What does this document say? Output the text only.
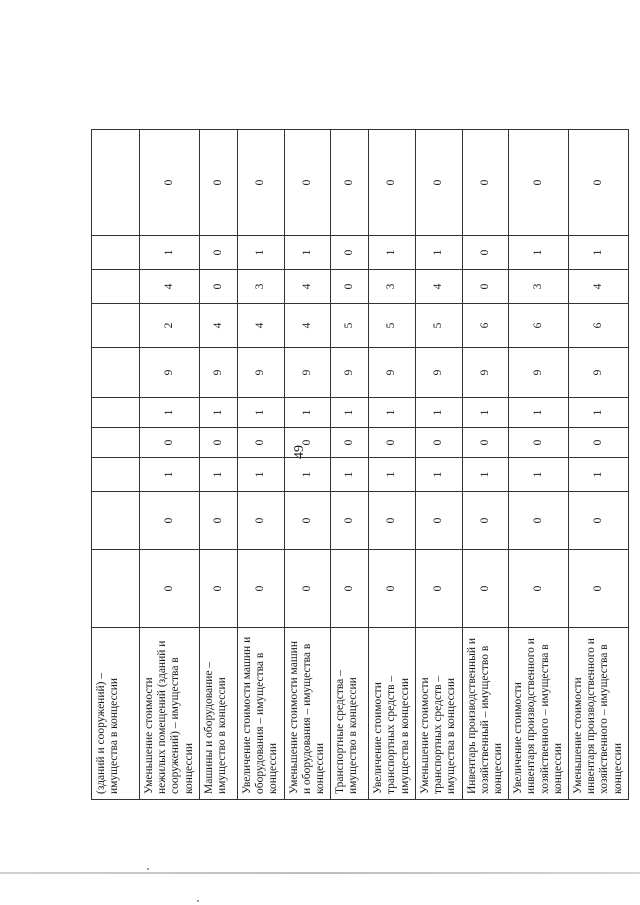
49
(зданий и сооружений) – имущества в концессии										
Уменьшение стоимости нежилых помещений (зданий и сооружений) – имущества в концессии	0	0	1	0	1	9	2	4	1	0
Машины и оборудование – имущество в концессии	0	0	1	0	1	9	4	0	0	0
Увеличение стоимости машин и оборудования – имущества в концессии	0	0	1	0	1	9	4	3	1	0
Уменьшение стоимости машин и оборудования – имущества в концессии	0	0	1	0	1	9	4	4	1	0
Транспортные средства – имущество в концессии	0	0	1	0	1	9	5	0	0	0
Увеличение стоимости транспортных средств – имущества в концессии	0	0	1	0	1	9	5	3	1	0
Уменьшение стоимости транспортных средств – имущества в концессии	0	0	1	0	1	9	5	4	1	0
Инвентарь производственный и хозяйственный – имущество в концессии	0	0	1	0	1	9	6	0	0	0
Увеличение стоимости инвентаря производственного и хозяйственного – имущества в концессии	0	0	1	0	1	9	6	3	1	0
Уменьшение стоимости инвентаря производственного и хозяйственного – имущества в концессии	0	0	1	0	1	9	6	4	1	0
